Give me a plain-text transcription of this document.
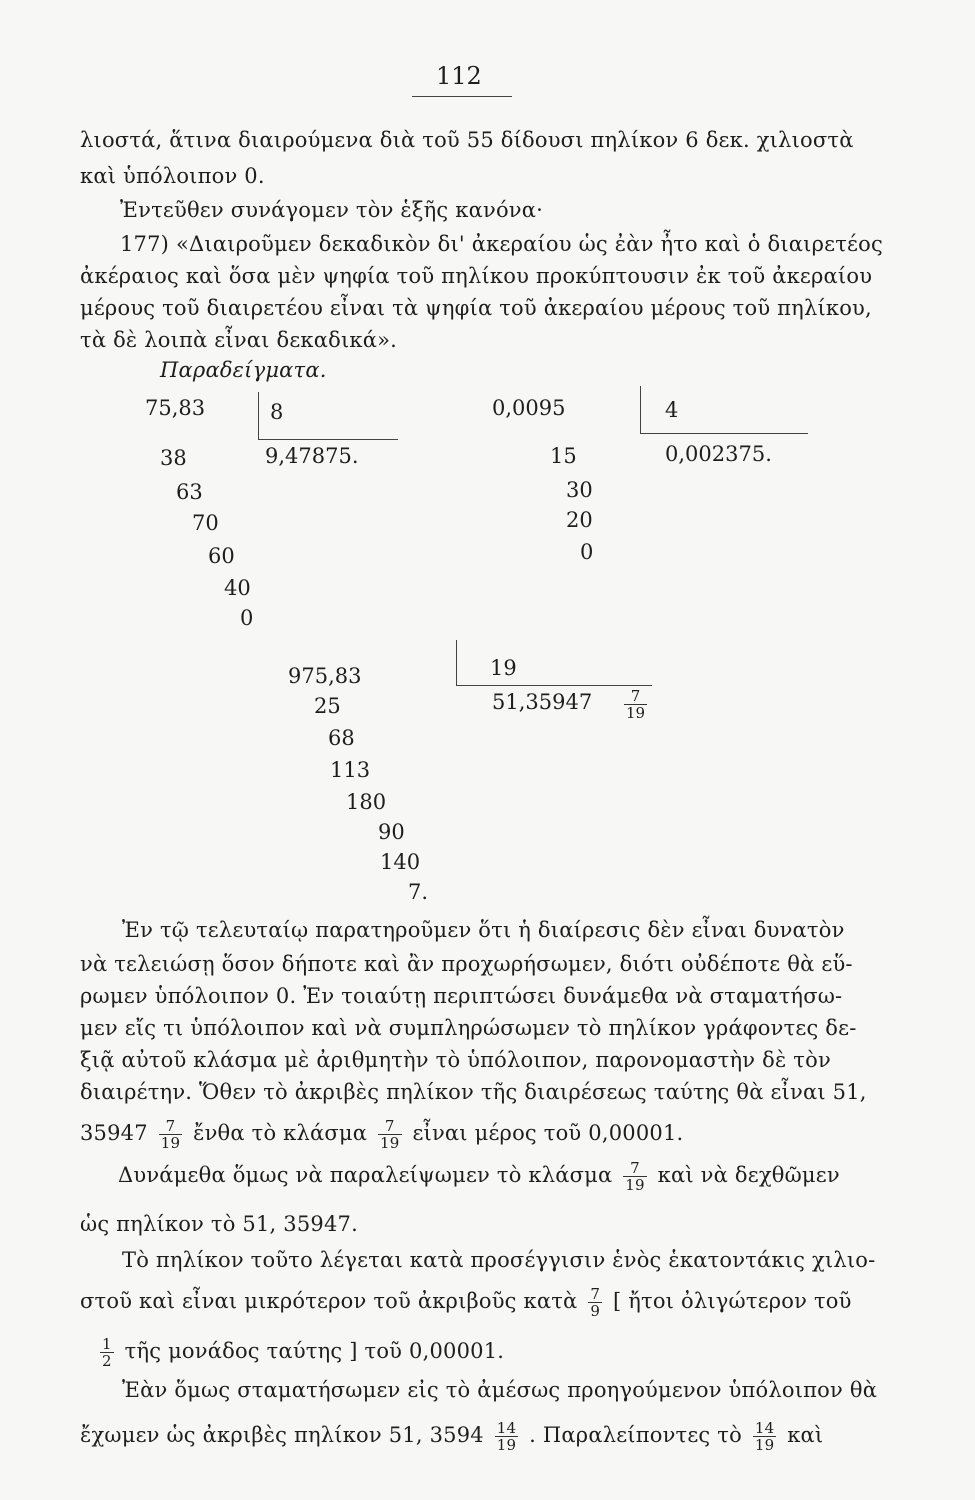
112
λιοστά, ἅτινα διαιρούμενα διὰ τοῦ 55 δίδουσι πηλίκον 6 δεκ. χιλιοστὰ
καὶ ὑπόλοιπον 0.
Ἐντεῦθεν συνάγομεν τὸν ἑξῆς κανόνα·
177) «Διαιροῦμεν δεκαδικὸν δι' ἀκεραίου ὡς ἐὰν ἦτο καὶ ὁ διαιρετέος
ἀκέραιος καὶ ὅσα μὲν ψηφία τοῦ πηλίκου προκύπτουσιν ἐκ τοῦ ἀκεραίου
μέρους τοῦ διαιρετέου εἶναι τὰ ψηφία τοῦ ἀκεραίου μέρους τοῦ πηλίκου,
τὰ δὲ λοιπὰ εἶναι δεκαδικά».
Παραδείγματα.
75,83	8
9,47875.
38
63
70
60
40
0
0,0095	4
0,002375.
15
30
20
0
975,83	19
$51,35947 \frac{7}{19}$
25
68
113
180
90
140
7.
Ἐν τῷ τελευταίῳ παρατηροῦμεν ὅτι ἡ διαίρεσις δὲν εἶναι δυνατὸν
νὰ τελειώσῃ ὅσον δήποτε καὶ ἂν προχωρήσωμεν, διότι οὐδέποτε θὰ εὕ-
ρωμεν ὑπόλοιπον 0. Ἐν τοιαύτῃ περιπτώσει δυνάμεθα νὰ σταματήσω-
μεν εἴς τι ὑπόλοιπον καὶ νὰ συμπληρώσωμεν τὸ πηλίκον γράφοντες δε-
ξιᾷ αὐτοῦ κλάσμα μὲ ἀριθμητὴν τὸ ὑπόλοιπον, παρονομαστὴν δὲ τὸν
διαιρέτην. Ὅθεν τὸ ἀκριβὲς πηλίκον τῆς διαιρέσεως ταύτης θὰ εἶναι 51,
$35947 \frac{7}{19}$ ἔνθα τὸ κλάσμα $\frac{7}{19}$ εἶναι μέρος τοῦ 0,00001.
Δυνάμεθα ὅμως νὰ παραλείψωμεν τὸ κλάσμα $\frac{7}{19}$ καὶ νὰ δεχθῶμεν
ὡς πηλίκον τὸ 51, 35947.
Τὸ πηλίκον τοῦτο λέγεται κατὰ προσέγγισιν ἑνὸς ἑκατοντάκις χιλιο-
στοῦ καὶ εἶναι μικρότερον τοῦ ἀκριβοῦς κατὰ $\frac{7}{9}$ [ ἤτοι ὀλιγώτερον τοῦ
$\frac{1}{2}$ τῆς μονάδος ταύτης ] τοῦ 0,00001.
Ἐὰν ὅμως σταματήσωμεν εἰς τὸ ἀμέσως προηγούμενον ὑπόλοιπον θὰ
ἔχωμεν ὡς ἀκριβὲς πηλίκον 51, $3594 \frac{14}{19}$ . Παραλείποντες τὸ $\frac{14}{19}$ καὶ
